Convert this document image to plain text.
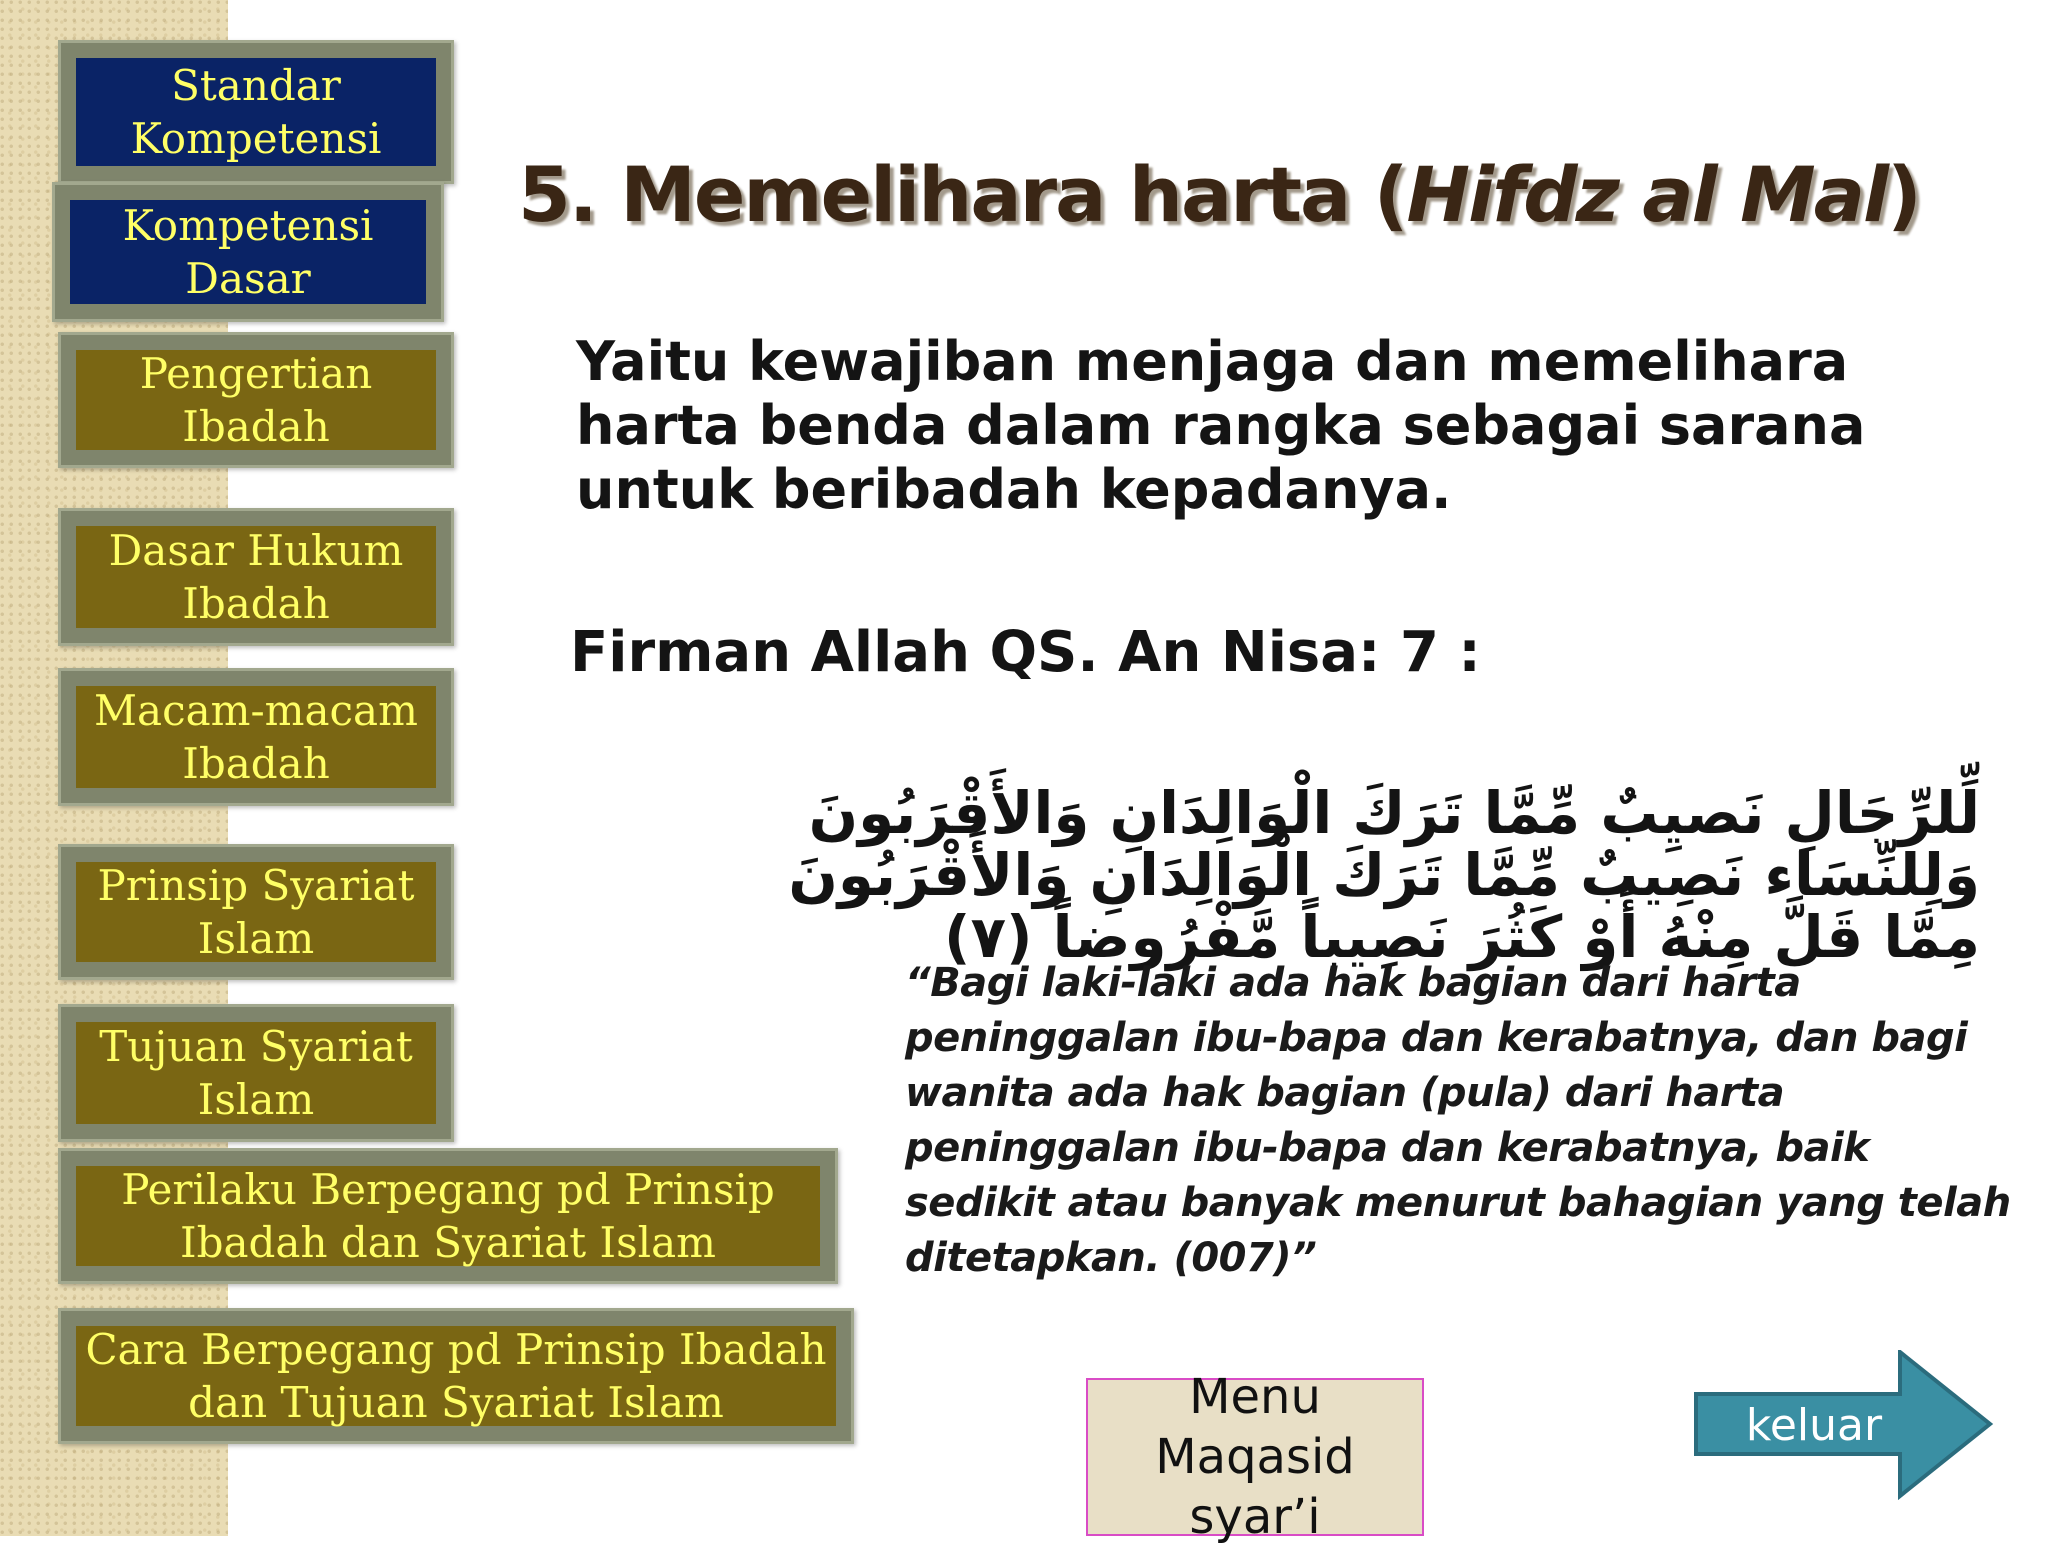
Standar Kompetensi
Kompetensi Dasar
Pengertian Ibadah
Dasar Hukum Ibadah
Macam-macam Ibadah
Prinsip Syariat Islam
Tujuan Syariat Islam
Perilaku Berpegang pd Prinsip Ibadah dan Syariat Islam
Cara Berpegang pd Prinsip Ibadah dan Tujuan Syariat Islam
5. Memelihara harta (Hifdz al Mal)
Yaitu kewajiban menjaga dan memelihara harta benda dalam rangka sebagai sarana untuk beribadah kepadanya.
Firman Allah QS. An Nisa: 7 :
لِّلرِّجَالِ نَصيِبٌ مِّمَّا تَرَكَ الْوَالِدَانِ وَالأَقْرَبُونَ
وَلِلنِّسَاء نَصِيبٌ مِّمَّا تَرَكَ الْوَالِدَانِ وَالأَقْرَبُونَ
مِمَّا قَلَّ مِنْهُ أَوْ كَثُرَ نَصِيباً مَّفْرُوضاً (٧)
“Bagi laki-laki ada hak bagian dari harta peninggalan ibu-bapa dan kerabatnya, dan bagi wanita ada hak bagian (pula) dari harta peninggalan ibu-bapa dan kerabatnya, baik sedikit atau banyak menurut bahagian yang telah ditetapkan. (007)”
Menu
Maqasid syar’i
keluar
